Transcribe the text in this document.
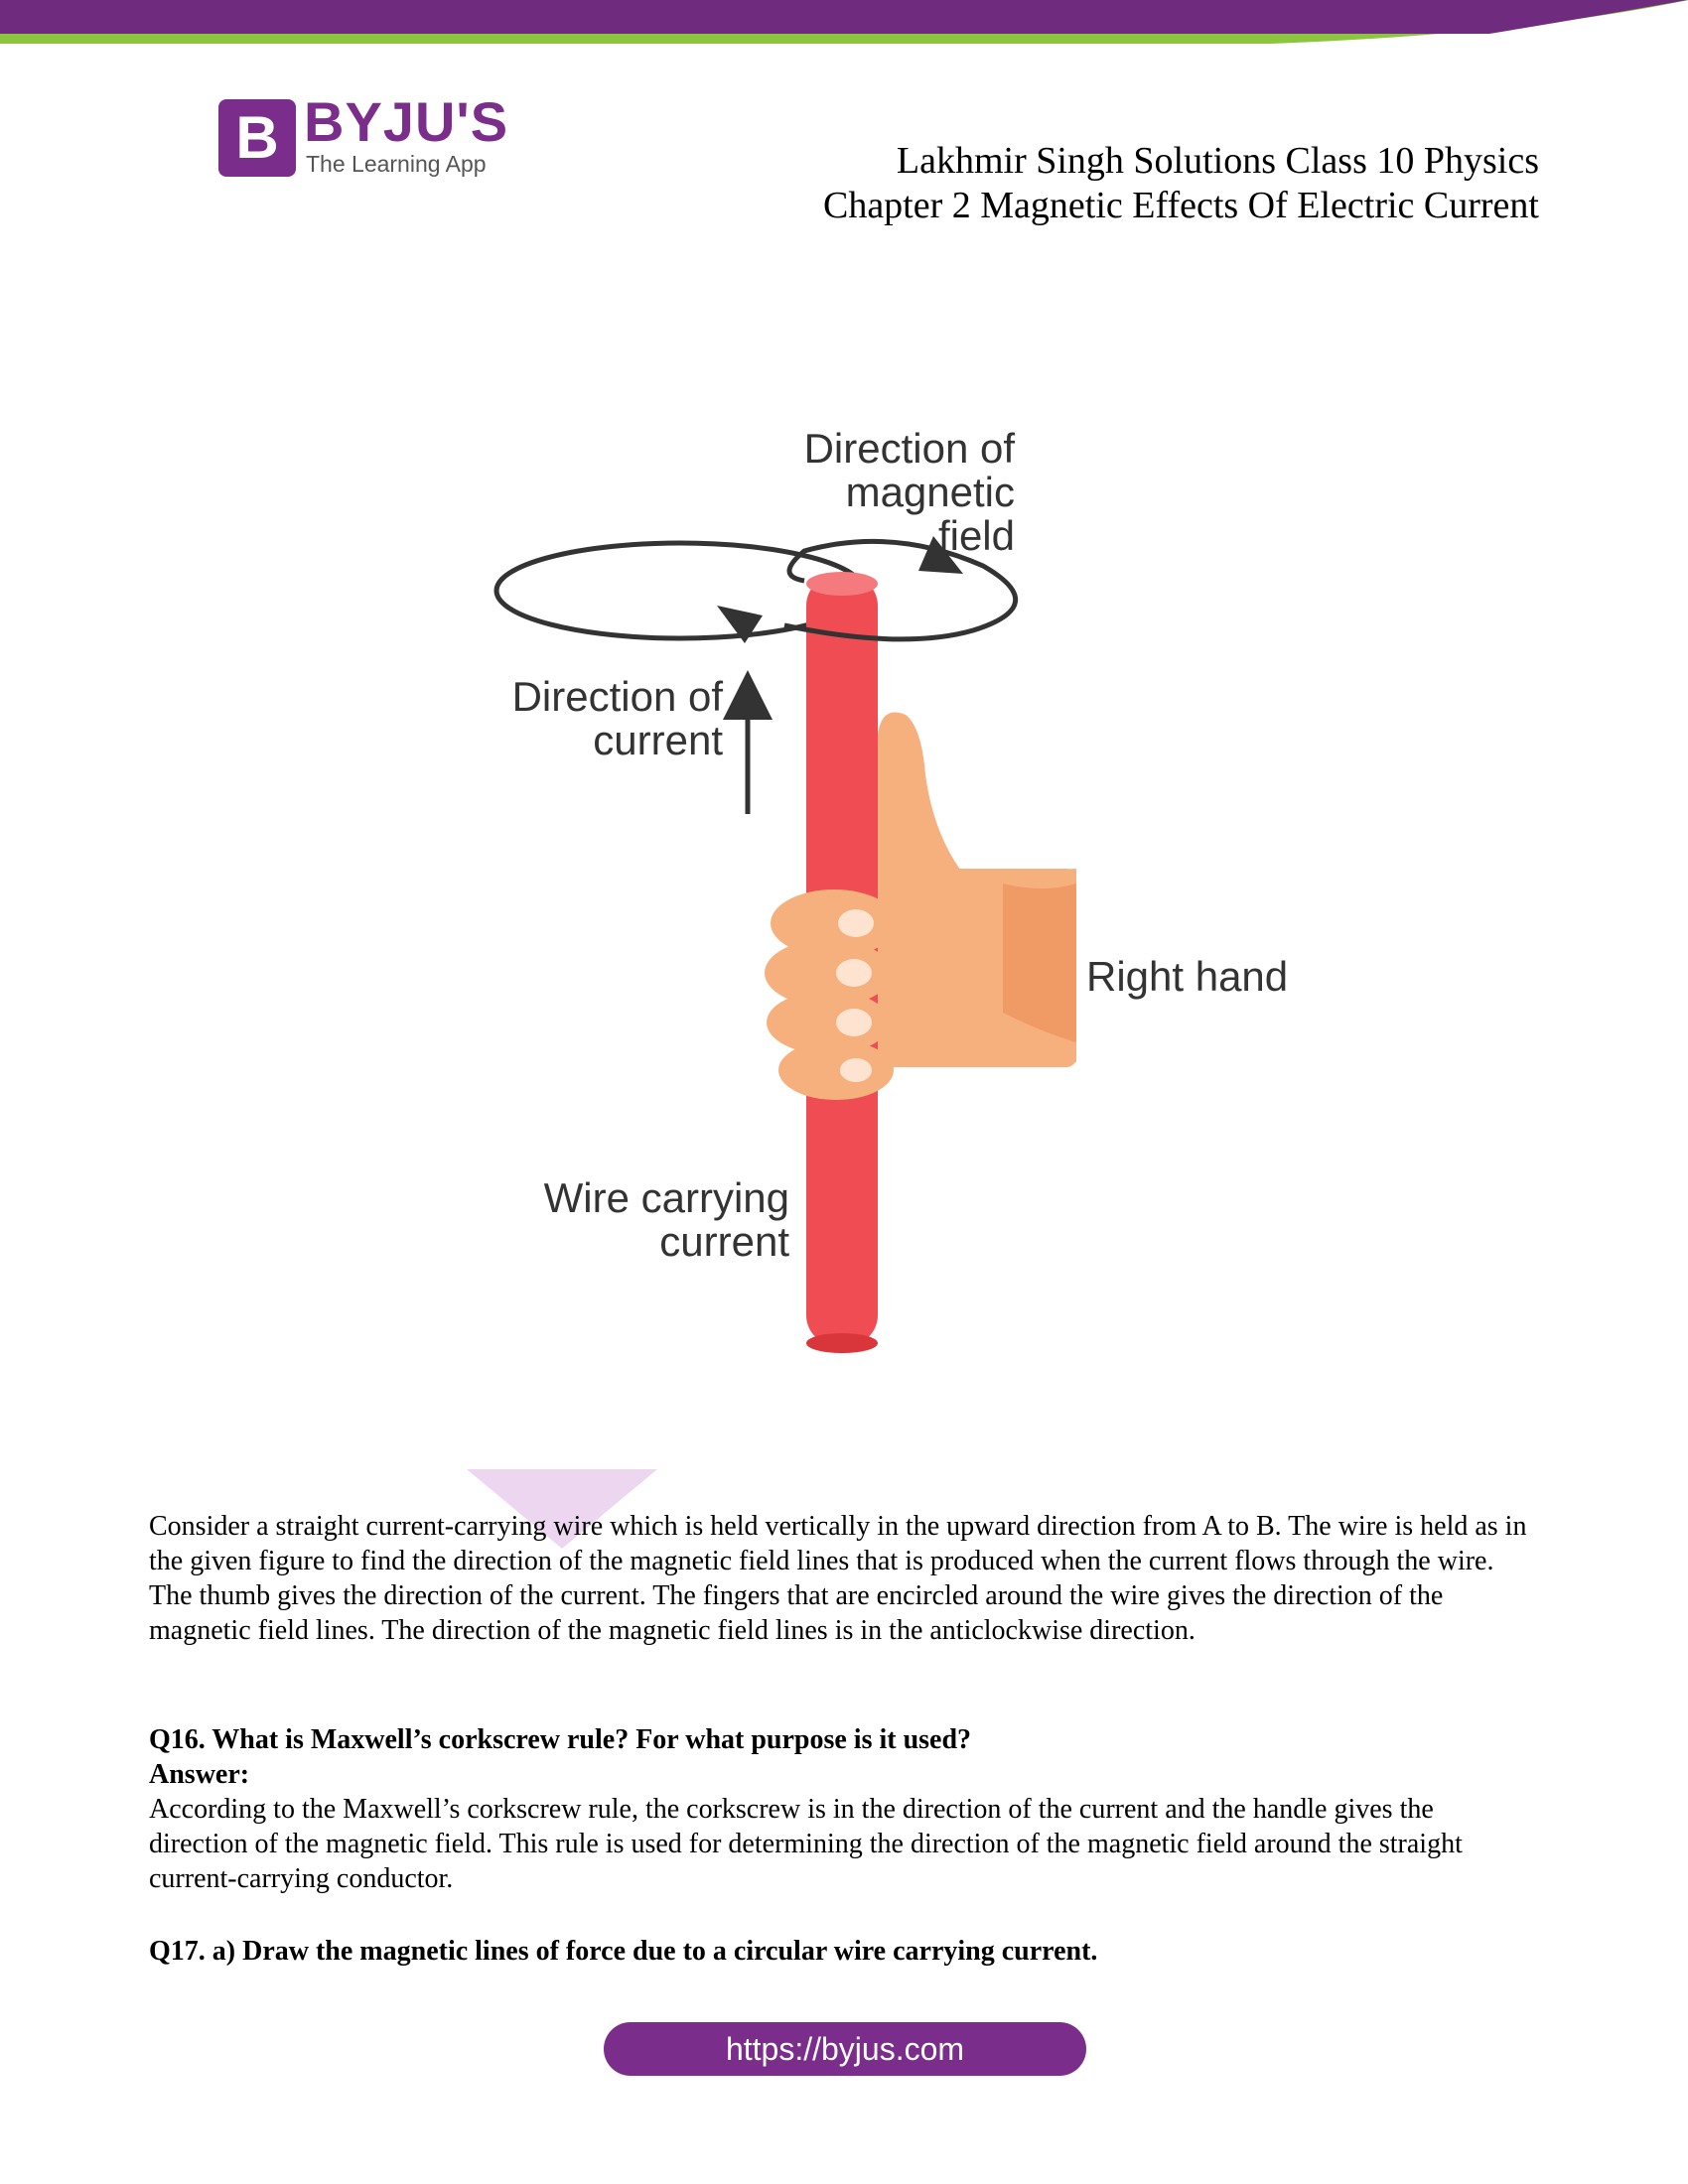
B BYJU'S
The Learning App	Lakhmir Singh Solutions Class 10 Physics
Chapter 2 Magnetic Effects Of Electric Current
Direction of
magnetic
field
Direction of
current
Right hand
Wire carrying
current
Consider a straight current-carrying wire which is held vertically in the upward direction from A to B. The wire is held as in the given figure to find the direction of the magnetic field lines that is produced when the current flows through the wire. The thumb gives the direction of the current. The fingers that are encircled around the wire gives the direction of the magnetic field lines. The direction of the magnetic field lines is in the anticlockwise direction.
Q16. What is Maxwell’s corkscrew rule? For what purpose is it used?
Answer:
According to the Maxwell’s corkscrew rule, the corkscrew is in the direction of the current and the handle gives the direction of the magnetic field. This rule is used for determining the direction of the magnetic field around the straight current-carrying conductor.
Q17. a) Draw the magnetic lines of force due to a circular wire carrying current.
https://byjus.com
